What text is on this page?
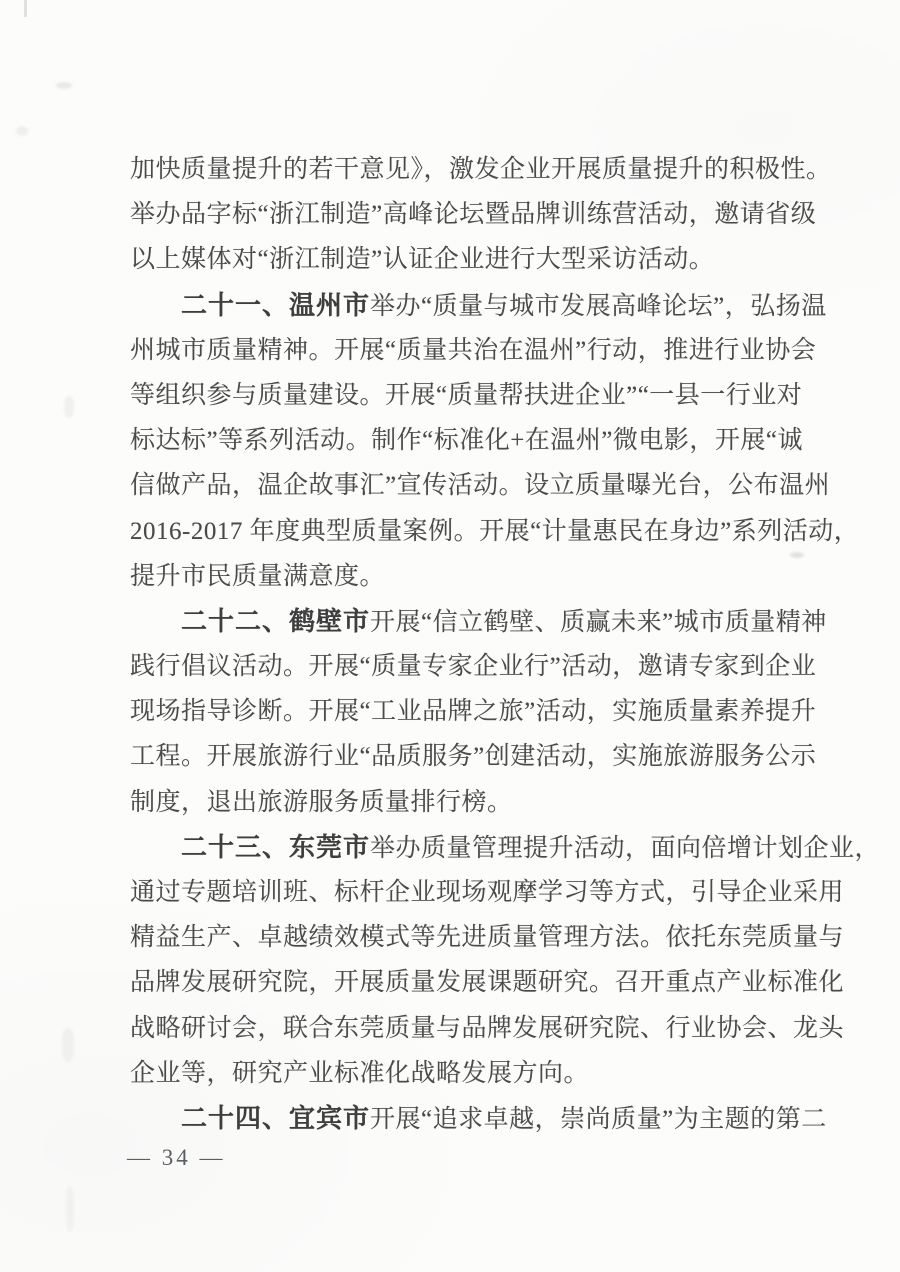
加快质量提升的若干意见》，激发企业开展质量提升的积极性。
举办品字标“浙江制造”高峰论坛暨品牌训练营活动，邀请省级
以上媒体对“浙江制造”认证企业进行大型采访活动。
二十一、温州市举办“质量与城市发展高峰论坛”，弘扬温
州城市质量精神。开展“质量共治在温州”行动，推进行业协会
等组织参与质量建设。开展“质量帮扶进企业”“一县一行业对
标达标”等系列活动。制作“标准化+在温州”微电影，开展“诚
信做产品，温企故事汇”宣传活动。设立质量曝光台，公布温州
2016-2017 年度典型质量案例。开展“计量惠民在身边”系列活动，
提升市民质量满意度。
二十二、鹤壁市开展“信立鹤壁、质赢未来”城市质量精神
践行倡议活动。开展“质量专家企业行”活动，邀请专家到企业
现场指导诊断。开展“工业品牌之旅”活动，实施质量素养提升
工程。开展旅游行业“品质服务”创建活动，实施旅游服务公示
制度，退出旅游服务质量排行榜。
二十三、东莞市举办质量管理提升活动，面向倍增计划企业，
通过专题培训班、标杆企业现场观摩学习等方式，引导企业采用
精益生产、卓越绩效模式等先进质量管理方法。依托东莞质量与
品牌发展研究院，开展质量发展课题研究。召开重点产业标准化
战略研讨会，联合东莞质量与品牌发展研究院、行业协会、龙头
企业等，研究产业标准化战略发展方向。
二十四、宜宾市开展“追求卓越，崇尚质量”为主题的第二
— 34 —
